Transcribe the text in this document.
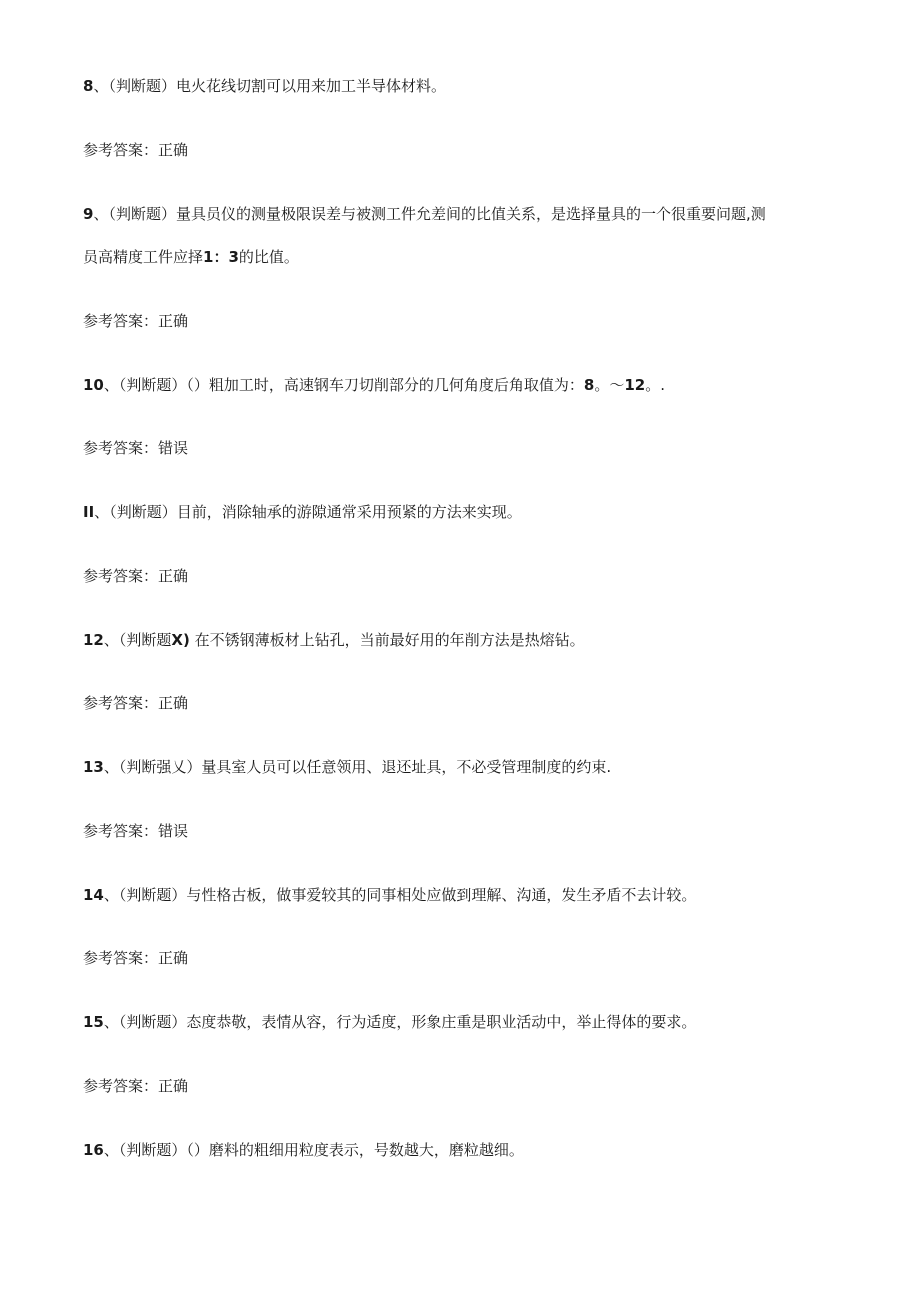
8、（判断题）电火花线切割可以用来加工半导体材料。
参考答案：正确
9、（判断题）量具员仪的测量极限误差与被测工件允差间的比值关系，是选择量具的一个很重要问题,测
员高精度工件应择1：3的比值。
参考答案：正确
10、（判断题）（）粗加工时，高速钢车刀切削部分的几何角度后角取值为：8。～12。.
参考答案：错误
II、（判断题）目前，消除轴承的游隙通常采用预紧的方法来实现。
参考答案：正确
12、（判断题X) 在不锈钢薄板材上钻孔，当前最好用的年削方法是热熔钻。
参考答案：正确
13、（判断强乂）量具室人员可以任意领用、退还址具，不必受管理制度的约束.
参考答案：错误
14、（判断题）与性格古板，做事爱较其的同事相处应做到理解、沟通，发生矛盾不去计较。
参考答案：正确
15、（判断题）态度恭敬，表情从容，行为适度，形象庄重是职业活动中，举止得体的要求。
参考答案：正确
16、（判断题）（）磨料的粗细用粒度表示，号数越大，磨粒越细。
